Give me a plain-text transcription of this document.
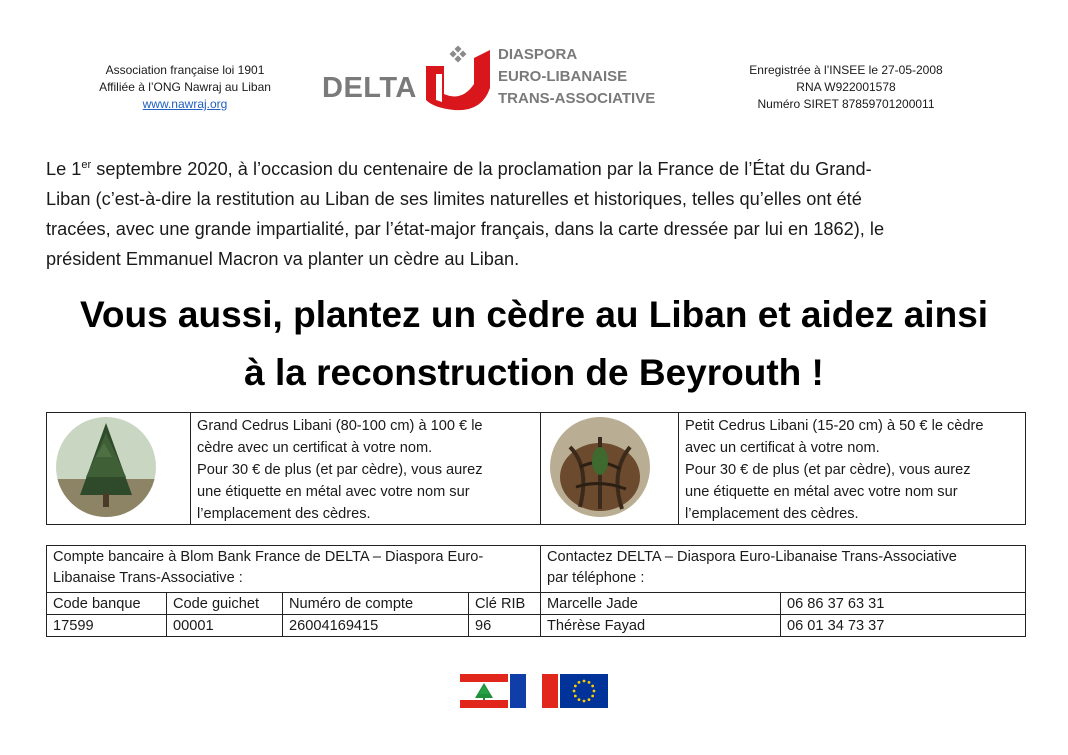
Association française loi 1901
Affiliée à l’ONG Nawraj au Liban
www.nawraj.org	DELTA
DIASPORA
EURO-LIBANAISE
TRANS-ASSOCIATIVE
Enregistrée à l’INSEE le 27-05-2008
RNA W922001578
Numéro SIRET 87859701200011
Le 1er septembre 2020, à l’occasion du centenaire de la proclamation par la France de l’État du Grand-
Liban (c’est-à-dire la restitution au Liban de ses limites naturelles et historiques, telles qu’elles ont été
tracées, avec une grande impartialité, par l’état-major français, dans la carte dressée par lui en 1862), le
président Emmanuel Macron va planter un cèdre au Liban.
Vous aussi, plantez un cèdre au Liban et aidez ainsi
à la reconstruction de Beyrouth !
Grand Cedrus Libani (80-100 cm) à 100 € le
cèdre avec un certificat à votre nom.
Pour 30 € de plus (et par cèdre), vous aurez
une étiquette en métal avec votre nom sur
l’emplacement des cèdres.
Petit Cedrus Libani (15-20 cm) à 50 € le cèdre
avec un certificat à votre nom.
Pour 30 € de plus (et par cèdre), vous aurez
une étiquette en métal avec votre nom sur
l’emplacement des cèdres.
Compte bancaire à Blom Bank France de DELTA – Diaspora Euro-
Libanaise Trans-Associative :
Contactez DELTA – Diaspora Euro-Libanaise Trans-Associative
par téléphone :
Code banque	Code guichet	Numéro de compte	Clé RIB	Marcelle Jade	06 86 37 63 31
17599	00001	26004169415	96	Thérèse Fayad	06 01 34 73 37
